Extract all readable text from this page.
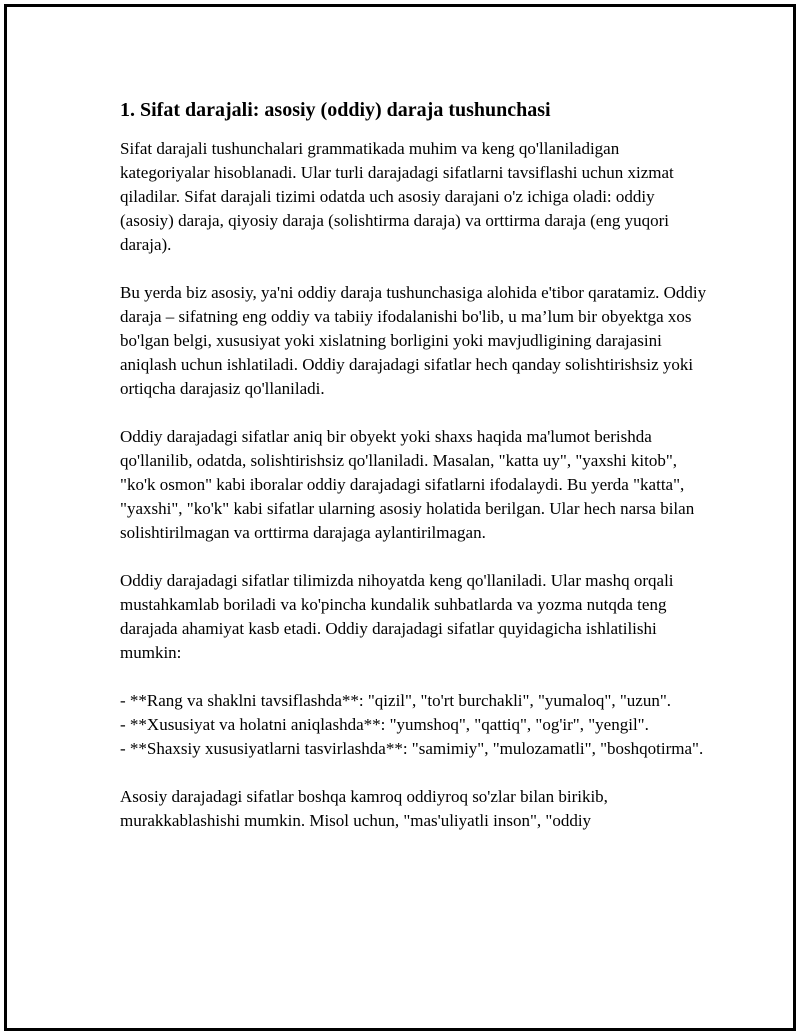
1. Sifat darajali: asosiy (oddiy) daraja tushunchasi

Sifat darajali tushunchalari grammatikada muhim va keng qo'llaniladigan kategoriyalar hisoblanadi. Ular turli darajadagi sifatlarni tavsiflashi uchun xizmat qiladilar. Sifat darajali tizimi odatda uch asosiy darajani o'z ichiga oladi: oddiy (asosiy) daraja, qiyosiy daraja (solishtirma daraja) va orttirma daraja (eng yuqori daraja).

Bu yerda biz asosiy, ya'ni oddiy daraja tushunchasiga alohida e'tibor qaratamiz. Oddiy daraja – sifatning eng oddiy va tabiiy ifodalanishi bo'lib, u ma’lum bir obyektga xos bo'lgan belgi, xususiyat yoki xislatning borligini yoki mavjudligining darajasini aniqlash uchun ishlatiladi. Oddiy darajadagi sifatlar hech qanday solishtirishsiz yoki ortiqcha darajasiz qo'llaniladi.

Oddiy darajadagi sifatlar aniq bir obyekt yoki shaxs haqida ma'lumot berishda qo'llanilib, odatda, solishtirishsiz qo'llaniladi. Masalan, "katta uy", "yaxshi kitob", "ko'k osmon" kabi iboralar oddiy darajadagi sifatlarni ifodalaydi. Bu yerda "katta", "yaxshi", "ko'k" kabi sifatlar ularning asosiy holatida berilgan. Ular hech narsa bilan solishtirilmagan va orttirma darajaga aylantirilmagan.

Oddiy darajadagi sifatlar tilimizda nihoyatda keng qo'llaniladi. Ular mashq orqali mustahkamlab boriladi va ko'pincha kundalik suhbatlarda va yozma nutqda teng darajada ahamiyat kasb etadi. Oddiy darajadagi sifatlar quyidagicha ishlatilishi mumkin:

- **Rang va shaklni tavsiflashda**: "qizil", "to'rt burchakli", "yumaloq", "uzun".
- **Xususiyat va holatni aniqlashda**: "yumshoq", "qattiq", "og'ir", "yengil".
- **Shaxsiy xususiyatlarni tasvirlashda**: "samimiy", "mulozamatli", "boshqotirma".

Asosiy darajadagi sifatlar boshqa kamroq oddiyroq so'zlar bilan birikib, murakkablashishi mumkin. Misol uchun, "mas'uliyatli inson", "oddiy
